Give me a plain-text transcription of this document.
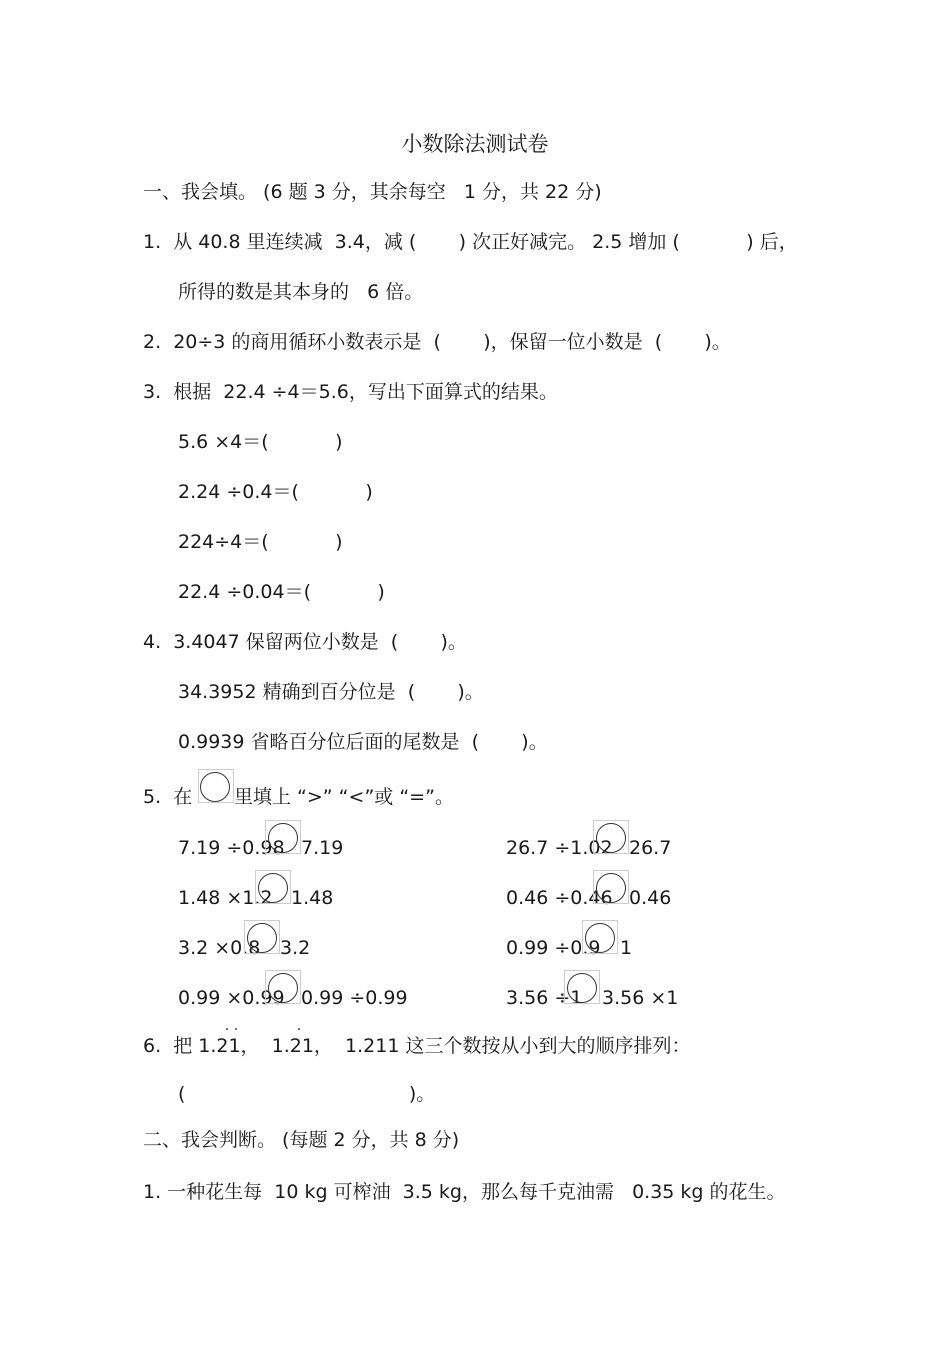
小数除法测试卷
一、我会填。 (6 题 3 分，其余每空   1 分，共 22 分)
1.  从 40.8 里连续减  3.4，减 (       ) 次正好减完。 2.5 增加 (           ) 后，
所得的数是其本身的   6 倍。
2.  20÷3 的商用循环小数表示是  (       )，保留一位小数是  (       )。
3.  根据  22.4 ÷4＝5.6，写出下面算式的结果。
5.6 ×4＝(           )
2.24 ÷0.4＝(           )
224÷4＝(           )
22.4 ÷0.04＝(           )
4.  3.4047 保留两位小数是  (       )。
34.3952 精确到百分位是  (       )。
0.9939 省略百分位后面的尾数是  (       )。
5.  在 里填上 “>” “<”或 “=”。
7.19 ÷0.98 7.19	26.7 ÷1.02 26.7
1.48 ×1.2 1.48	0.46 ÷0.46 0.46
3.2 ×0.8 3.2	0.99 ÷0.9 1
0.99 ×0.99 0.99 ÷0.99	3.56 ÷1 3.56 ×1
6.  把 1.21，  1.21，  1.211 这三个数按从小到大的顺序排列：
(                                     )。
二、我会判断。 (每题 2 分，共 8 分)
1. 一种花生每  10 kg 可榨油  3.5 kg，那么每千克油需   0.35 kg 的花生。
